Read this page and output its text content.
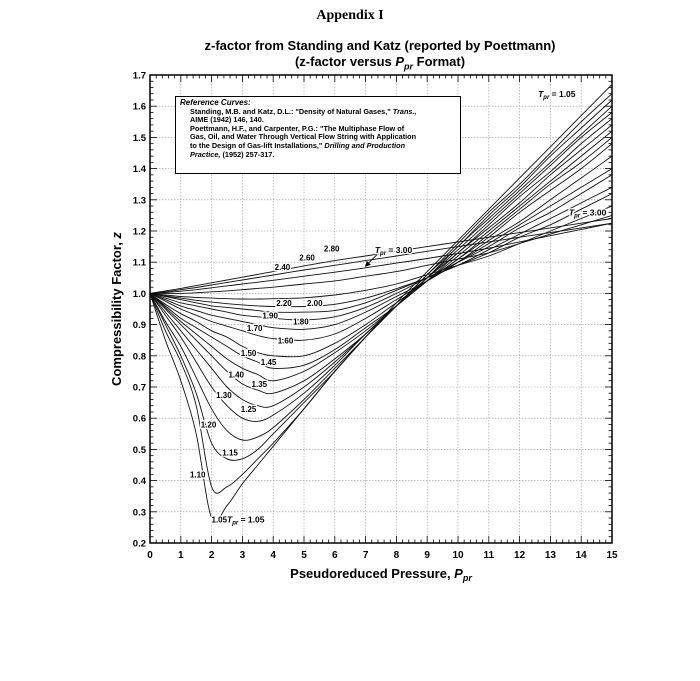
Appendix I
z-factor from Standing and Katz (reported by Poettmann)
(z-factor versus $P_{pr}$ Format)
0	1	2	3	4	5	6	7	8	9 10 11 12 13 14 15
0.2
0.3
0.4
0.5
0.6
0.7
0.8
0.9
1.0
1.1
1.2
1.3
1.4
1.5
1.6
1.7
1.05
1.10
1.15
1.20
1.25
1.30
1.35
1.40
1.45
1.50
1.60
1.70
1.80
1.90
2.00
2.20
2.40
2.60
2.80
$T_{pr} = 1.05$
$T_{pr} = 3.00$
$T_{pr} = 1.05$
$T_{pr} = 3.00$
Pseudoreduced Pressure, $P_{pr}$
Compressibility Factor, z
Reference Curves:
Standing, M.B. and Katz, D.L.: "Density of Natural Gases," Trans.,
AIME (1942) 146, 140.
Poettmann, H.F., and Carpenter, P.G.: "The Multiphase Flow of
Gas, Oil, and Water Through Vertical Flow String with Application
to the Design of Gas-lift Installations," Drilling and Production
Practice, (1952) 257-317.
